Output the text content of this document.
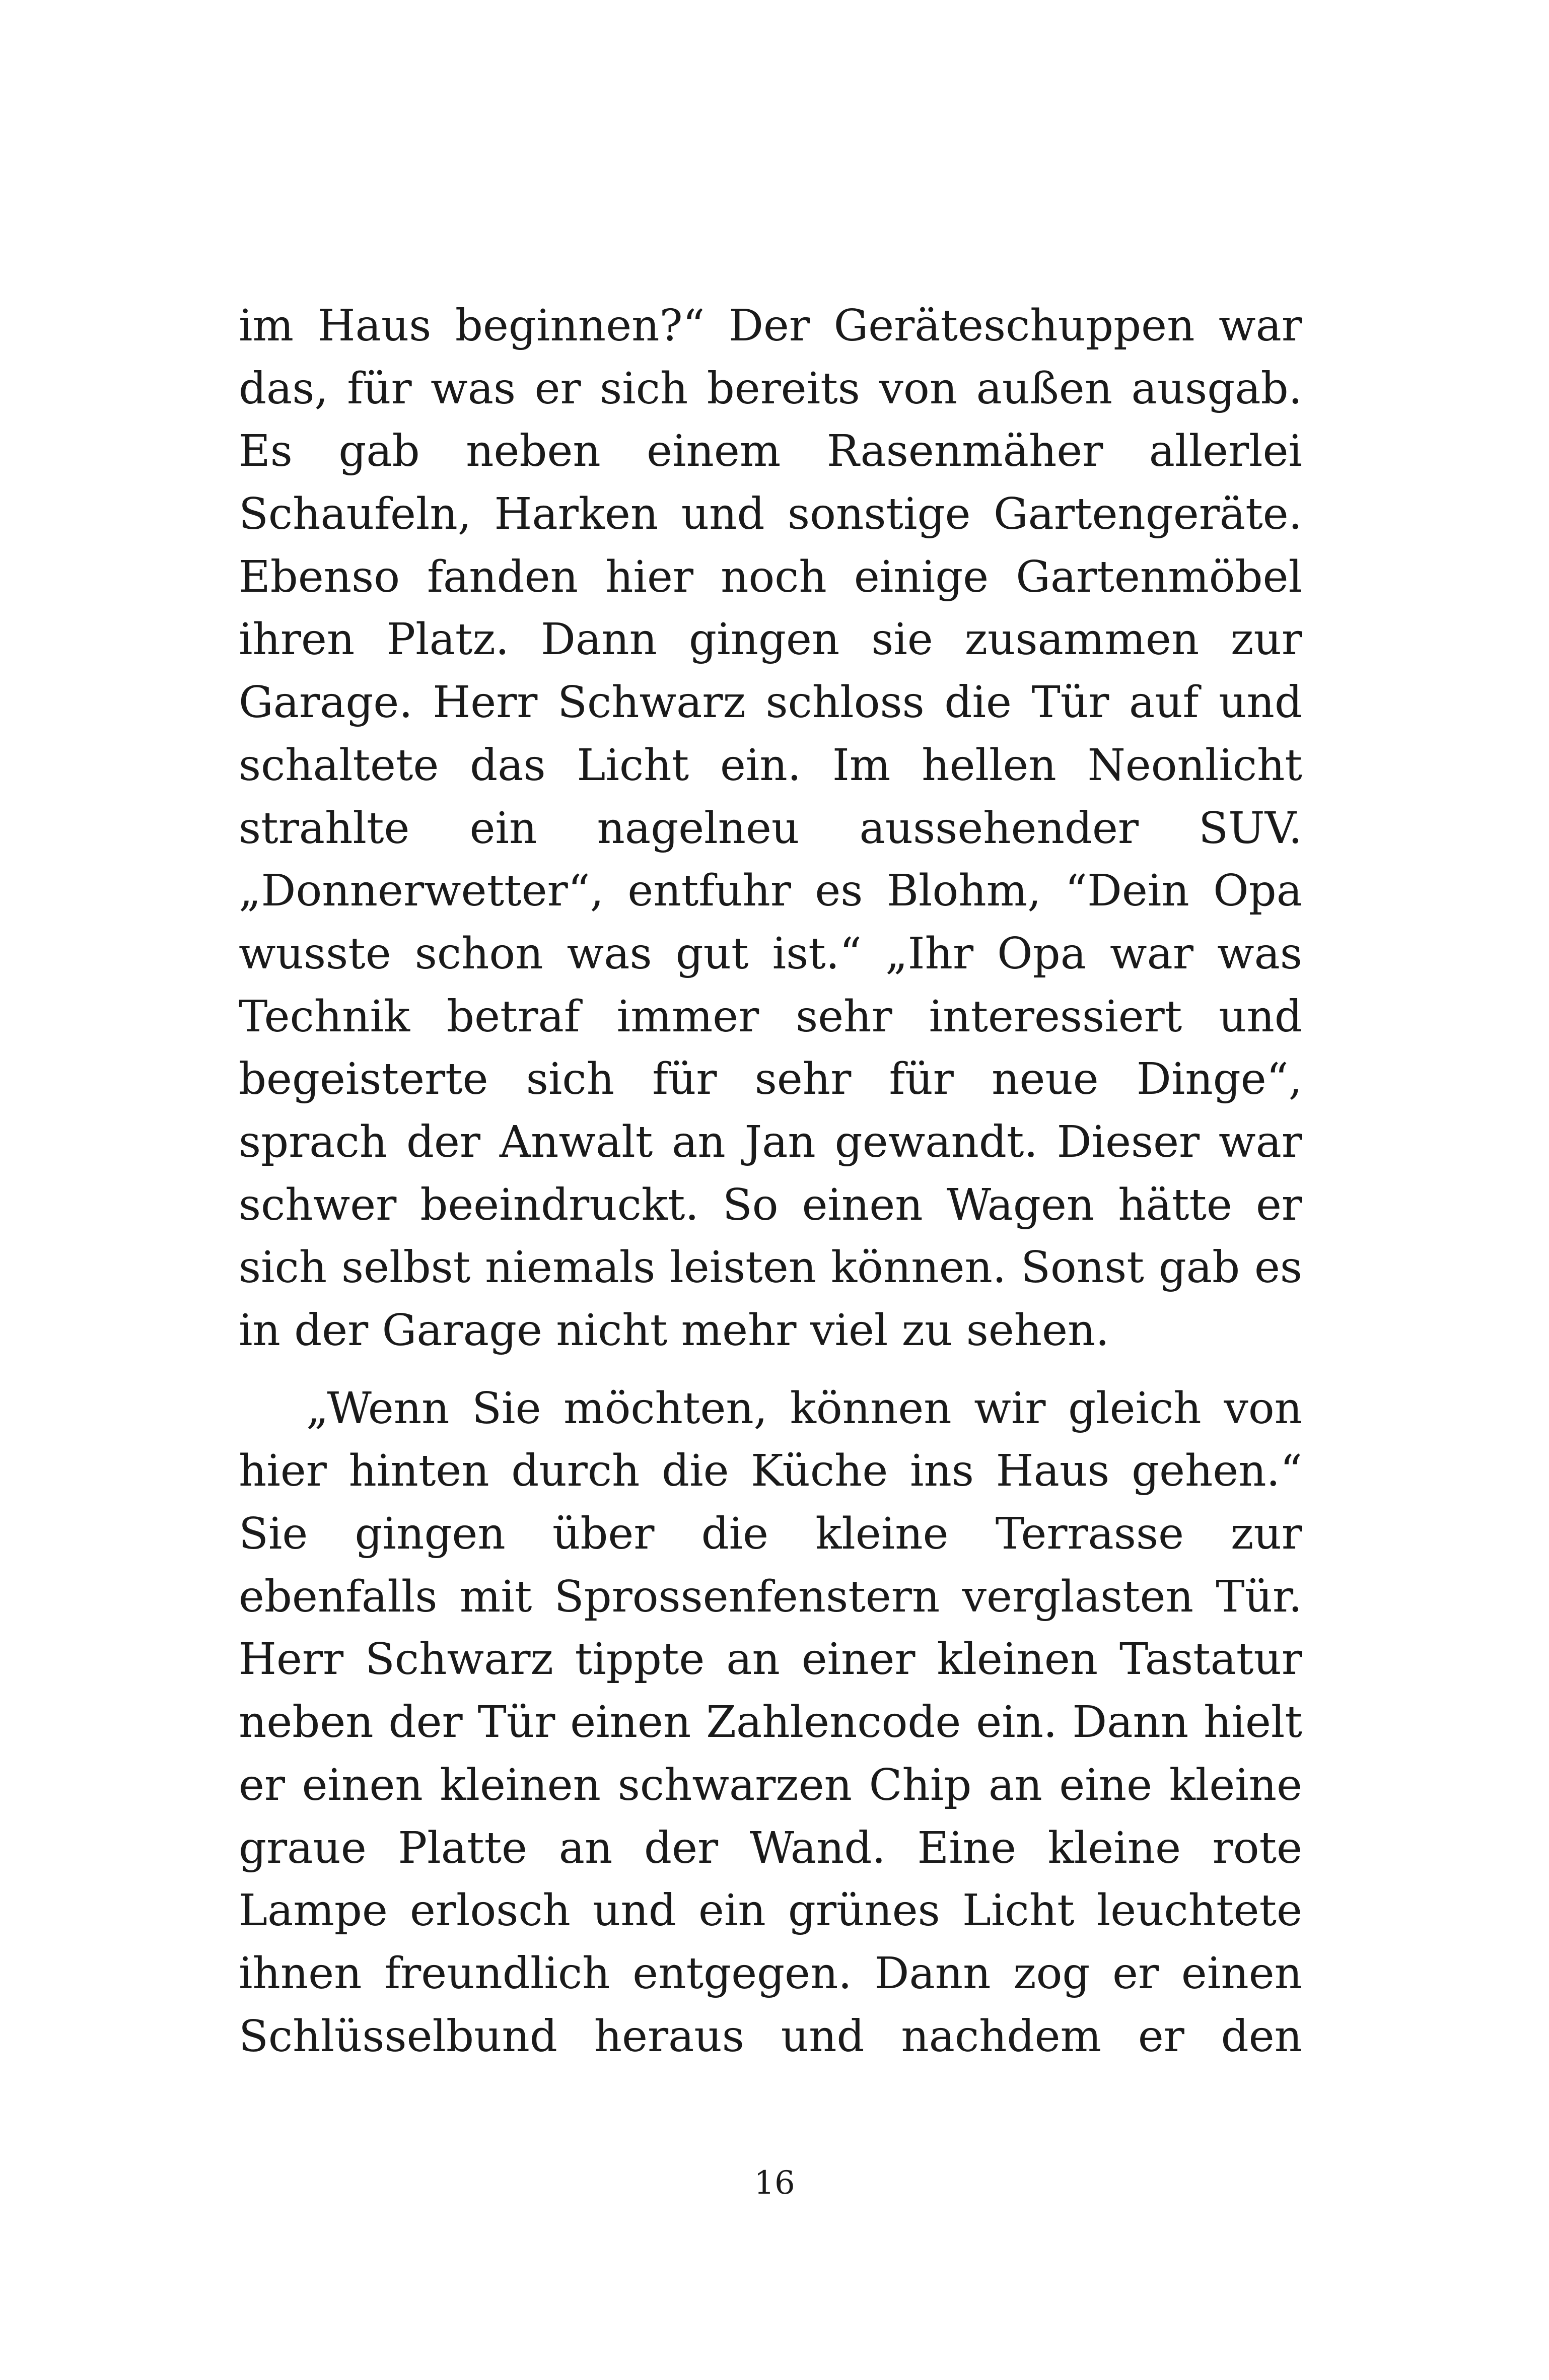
im Haus beginnen?“ Der Geräteschuppen war
das, für was er sich bereits von außen ausgab.
Es gab neben einem Rasenmäher allerlei
Schaufeln, Harken und sonstige Gartengeräte.
Ebenso fanden hier noch einige Gartenmöbel
ihren Platz. Dann gingen sie zusammen zur
Garage. Herr Schwarz schloss die Tür auf und
schaltete das Licht ein. Im hellen Neonlicht
strahlte ein nagelneu aussehender SUV.
„Donnerwetter“, entfuhr es Blohm, “Dein Opa
wusste schon was gut ist.“ „Ihr Opa war was
Technik betraf immer sehr interessiert und
begeisterte sich für sehr für neue Dinge“,
sprach der Anwalt an Jan gewandt. Dieser war
schwer beeindruckt. So einen Wagen hätte er
sich selbst niemals leisten können. Sonst gab es
in der Garage nicht mehr viel zu sehen.

„Wenn Sie möchten, können wir gleich von
hier hinten durch die Küche ins Haus gehen.“
Sie gingen über die kleine Terrasse zur
ebenfalls mit Sprossenfenstern verglasten Tür.
Herr Schwarz tippte an einer kleinen Tastatur
neben der Tür einen Zahlencode ein. Dann hielt
er einen kleinen schwarzen Chip an eine kleine
graue Platte an der Wand. Eine kleine rote
Lampe erlosch und ein grünes Licht leuchtete
ihnen freundlich entgegen. Dann zog er einen
Schlüsselbund heraus und nachdem er den

16
